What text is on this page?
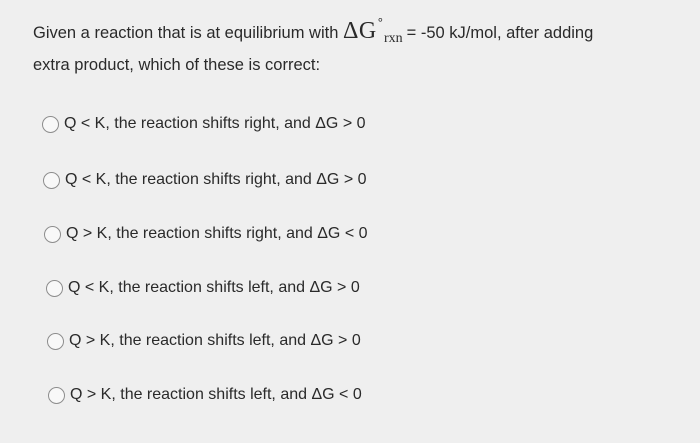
Given a reaction that is at equilibrium with $\Delta G^\circ_{rxn} = -50$ kJ/mol, after adding
extra product, which of these is correct:
Q < K, the reaction shifts right, and ΔG > 0
Q < K, the reaction shifts right, and ΔG > 0
Q > K, the reaction shifts right, and ΔG < 0
Q < K, the reaction shifts left, and ΔG > 0
Q > K, the reaction shifts left, and ΔG > 0
Q > K, the reaction shifts left, and ΔG < 0
